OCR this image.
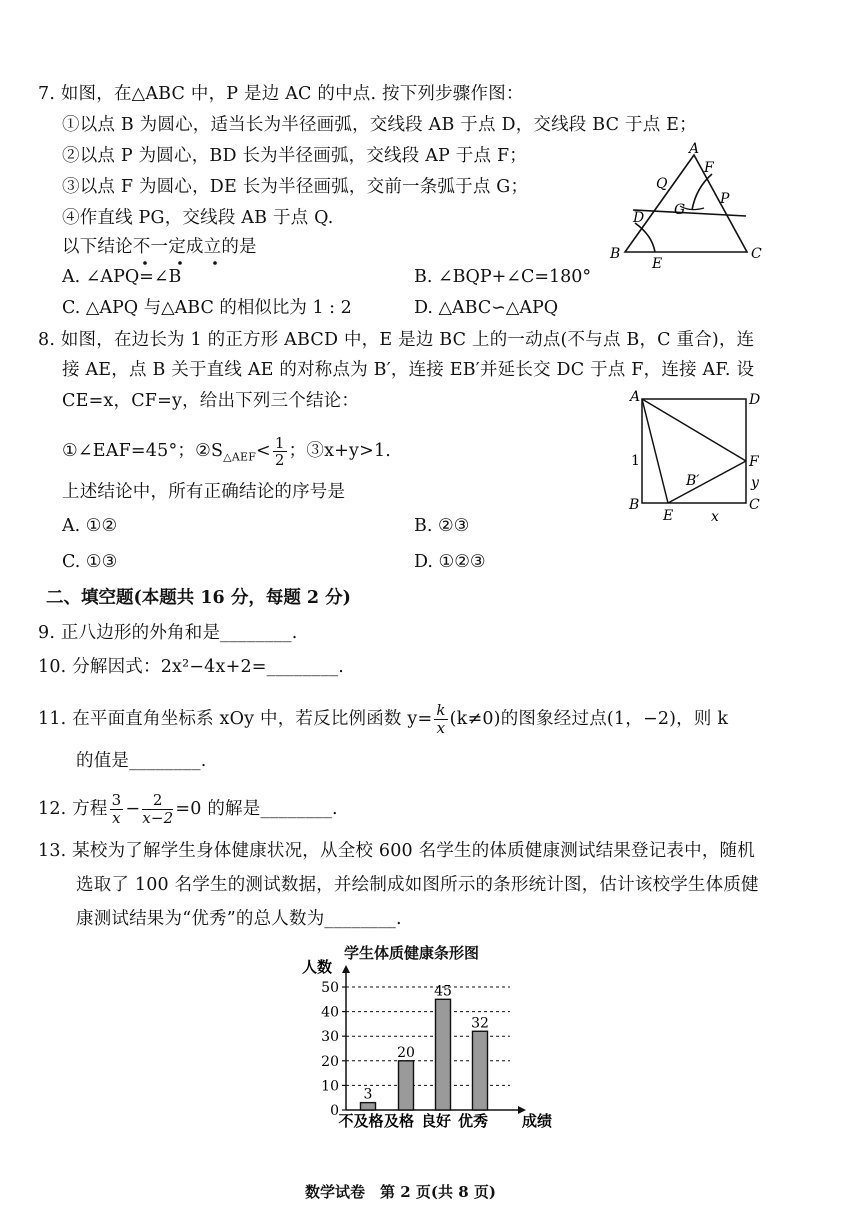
7. 如图，在△ABC 中，P 是边 AC 的中点. 按下列步骤作图：
①以点 B 为圆心，适当长为半径画弧，交线段 AB 于点 D，交线段 BC 于点 E；
②以点 P 为圆心，BD 长为半径画弧，交线段 AP 于点 F；
③以点 F 为圆心，DE 长为半径画弧，交前一条弧于点 G；
④作直线 PG，交线段 AB 于点 Q.
以下结论不一定成立的是
A. ∠APQ=∠B	B. ∠BQP+∠C=180°
C. △APQ 与△ABC 的相似比为 1 : 2	D. △ABC∽△APQ
A
B	C
D
E
F
G
P
Q
8. 如图，在边长为 1 的正方形 ABCD 中，E 是边 BC 上的一动点(不与点 B，C 重合)，连
接 AE，点 B 关于直线 AE 的对称点为 B′，连接 EB′并延长交 DC 于点 F，连接 AF. 设
CE=x，CF=y，给出下列三个结论：
①∠EAF=45°；$②S_{\triangle AEF}< \frac{1}{2}$ ；③x+y>1.
上述结论中，所有正确结论的序号是
A. ①②	B. ②③
C. ①③	D. ①②③
A	D
B	C
E
F
B′
1
x
y
二、填空题(本题共 16 分，每题 2 分)
9. 正八边形的外角和是________.
10. 分解因式：2x²−4x+2=________.
11. 在平面直角坐标系 xOy 中，若反比例函数 $y= \frac{k}{x} (k\ne 0)$的图象经过点(1，−2)，则 k
的值是________.
12. 方程 $\frac{3}{x} - \frac{2}{x-2} =0$ 的解是________.
13. 某校为了解学生身体健康状况，从全校 600 名学生的体质健康测试结果登记表中，随机
选取了 100 名学生的测试数据，并绘制成如图所示的条形统计图，估计该校学生体质健
康测试结果为“优秀”的总人数为________.
学生体质健康条形图
0
10
20
30
40
50
人数
成绩
3
20
45
32
不及格 及格 良好 优秀
数学试卷　第 2 页(共 8 页)
